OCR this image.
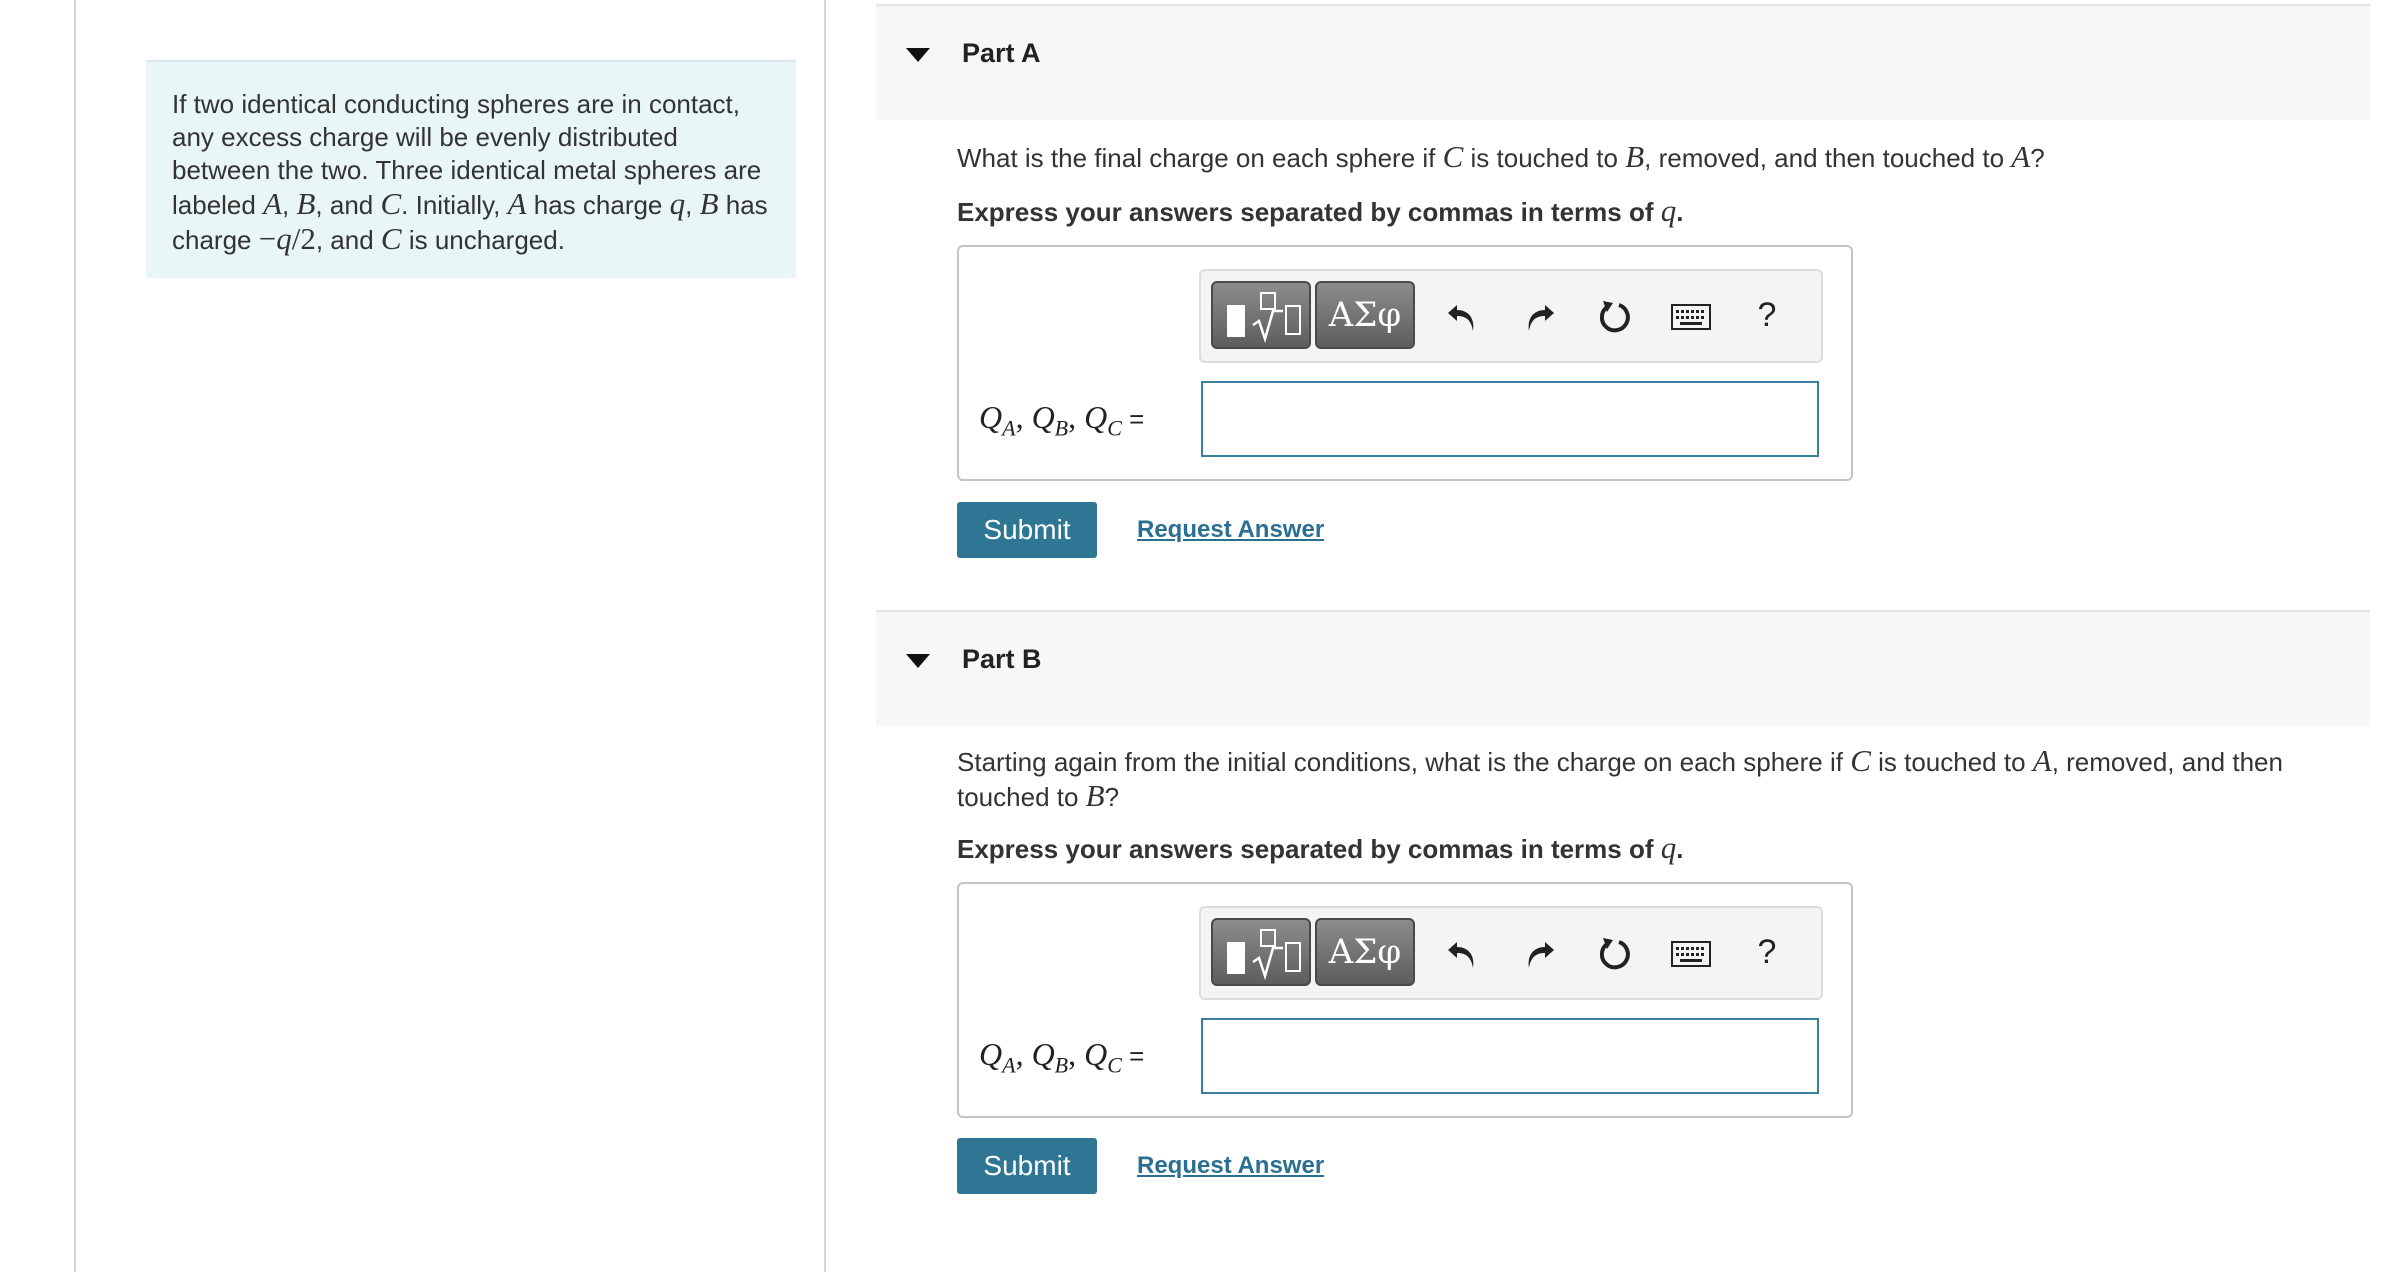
If two identical conducting spheres are in contact, any excess charge will be evenly distributed between the two. Three identical metal spheres are labeled A, B, and C. Initially, A has charge q, B has charge −q/2, and C is uncharged.
Part A
What is the final charge on each sphere if C is touched to B, removed, and then touched to A?
Express your answers separated by commas in terms of q.
ΑΣφ	?
$Q_A$, $Q_B$, $Q_C$ =
Submit	Request Answer
Part B
Starting again from the initial conditions, what is the charge on each sphere if C is touched to A, removed, and then touched to B?
Express your answers separated by commas in terms of q.
ΑΣφ	?
$Q_A$, $Q_B$, $Q_C$ =
Submit	Request Answer
